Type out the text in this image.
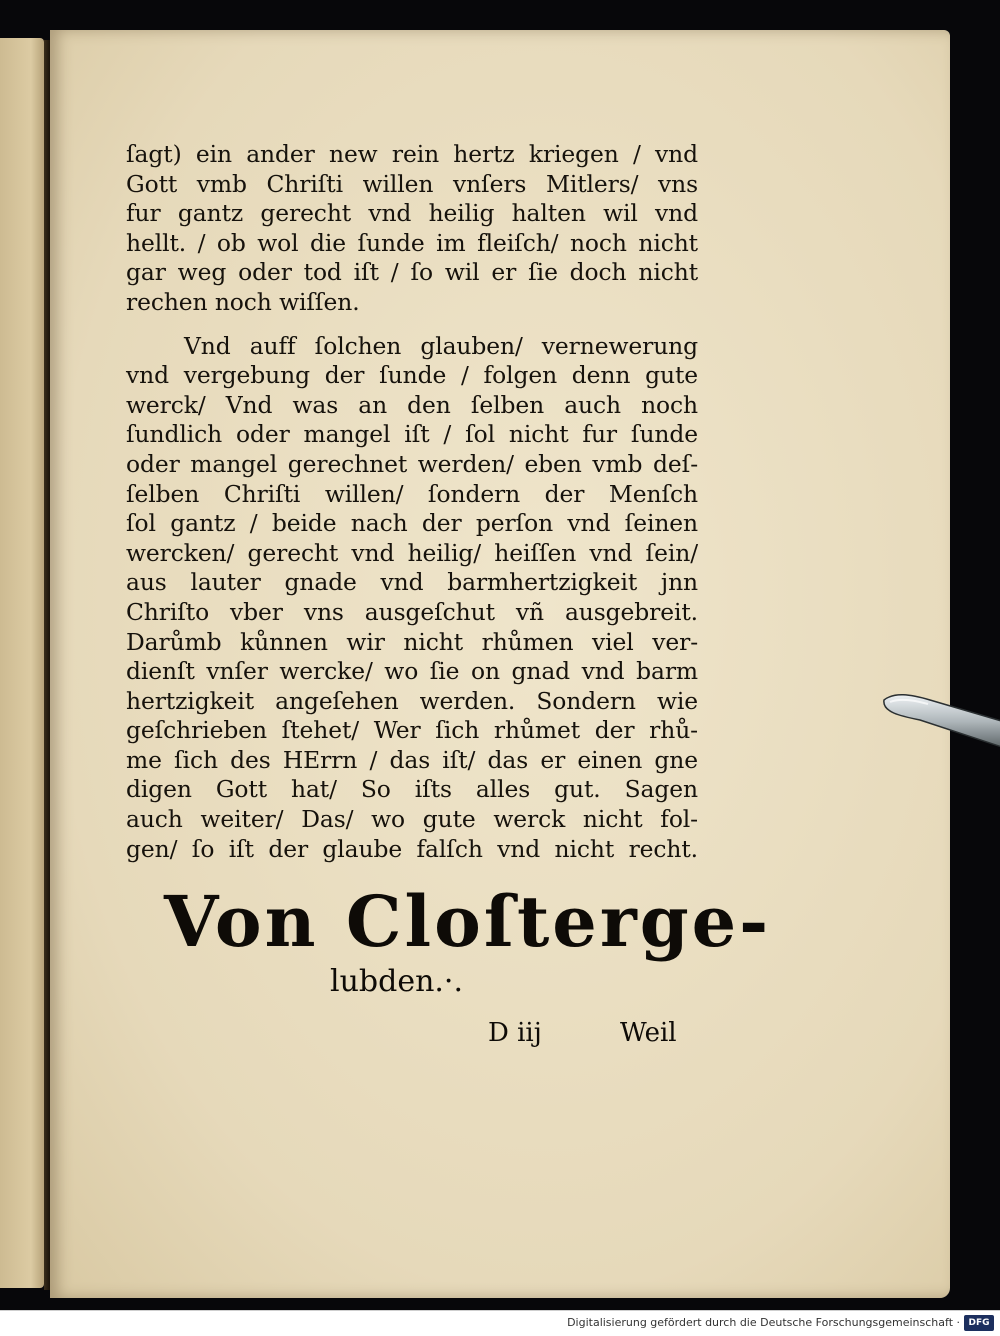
ſagt) ein ander new rein hertz kriegen / vnd
Gott vmb Chriſti willen vnſers Mitlers/ vns
fur gantz gerecht vnd heilig halten wil vnd
hellt. / ob wol die ſunde im fleiſch/ noch nicht
gar weg oder tod iſt / ſo wil er ſie doch nicht
rechen noch wiſſen.
Vnd auff ſolchen glauben/ vernewerung
vnd vergebung der ſunde / folgen denn gute
werck/ Vnd was an den ſelben auch noch
ſundlich oder mangel iſt / ſol nicht fur ſunde
oder mangel gerechnet werden/ eben vmb deſ-
ſelben Chriſti willen/ ſondern der Menſch
ſol gantz / beide nach der perſon vnd ſeinen
wercken/ gerecht vnd heilig/ heiſſen vnd ſein/
aus lauter gnade vnd barmhertzigkeit jnn
Chriſto vber vns ausgeſchut vñ ausgebreit.
Darůmb kůnnen wir nicht rhůmen viel ver-
dienſt vnſer wercke/ wo ſie on gnad vnd barm
hertzigkeit angeſehen werden. Sondern wie
geſchrieben ſtehet/ Wer ſich rhůmet der rhů-
me ſich des HErrn / das iſt/ das er einen gne
digen Gott hat/ So iſts alles gut. Sagen
auch weiter/ Das/ wo gute werck nicht fol-
gen/ ſo iſt der glaube falſch vnd nicht recht.
Von Cloſterge-
lubden.·.
D iij	Weil
Digitalisierung gefördert durch die Deutsche Forschungsgemeinschaft · DFG
